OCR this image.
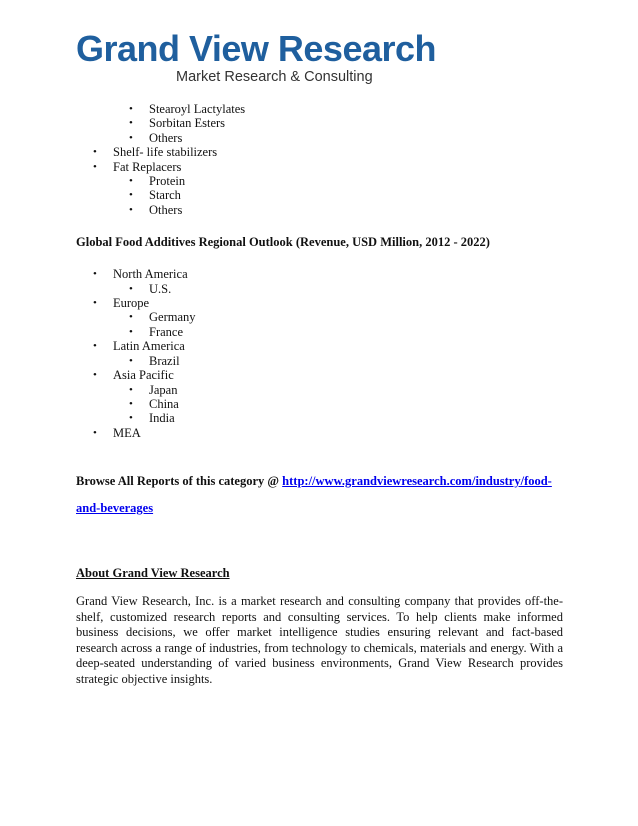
Grand View Research
Market Research & Consulting
• Stearoyl Lactylates
• Sorbitan Esters
• Others
• Shelf- life stabilizers
• Fat Replacers
• Protein
• Starch
• Others
Global Food Additives Regional Outlook (Revenue, USD Million, 2012 - 2022)
• North America
• U.S.
• Europe
• Germany
• France
• Latin America
• Brazil
• Asia Pacific
• Japan
• China
• India
• MEA
Browse All Reports of this category @ http://www.grandviewresearch.com/industry/food-
and-beverages
About Grand View Research
Grand View Research, Inc. is a market research and consulting company that provides off-the-shelf, customized research reports and consulting services. To help clients make informed business decisions, we offer market intelligence studies ensuring relevant and fact-based research across a range of industries, from technology to chemicals, materials and energy. With a deep-seated understanding of varied business environments, Grand View Research provides strategic objective insights.
